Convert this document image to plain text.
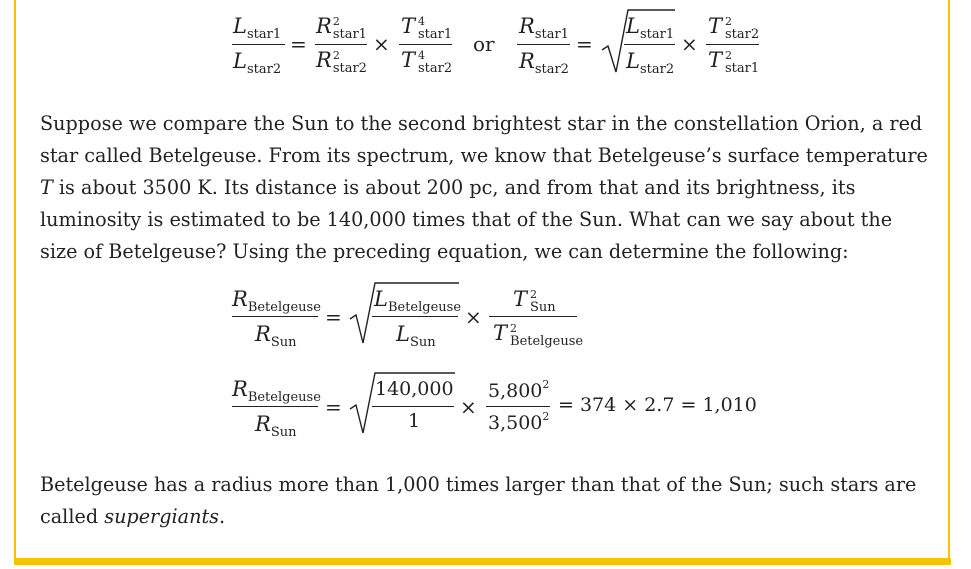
$L_{star1}$
$L_{star2}$
=
R 2
star1
R 2
star2
×
T 4
star1
T 4
star2
or
$R_{star1}$
$R_{star2}$
=
$L_{star1}$
$L_{star2}$
×
T 2
star2
T 2
star1
Suppose we compare the Sun to the second brightest star in the constellation Orion, a red star called Betelgeuse. From its spectrum, we know that Betelgeuse’s surface temperature T is about 3500 K. Its distance is about 200 pc, and from that and its brightness, its luminosity is estimated to be 140,000 times that of the Sun. What can we say about the size of Betelgeuse? Using the preceding equation, we can determine the following:
$R_{Betelgeuse}$
$R_{Sun}$
=
$L_{Betelgeuse}$
$L_{Sun}$
×
T 2
Sun
T 2
Betelgeuse
$R_{Betelgeuse}$
$R_{Sun}$
=
140,000
1
×
$5,800^2$
$3,500^2$
= 374 × 2.7 = 1,010
Betelgeuse has a radius more than 1,000 times larger than that of the Sun; such stars are called supergiants.
